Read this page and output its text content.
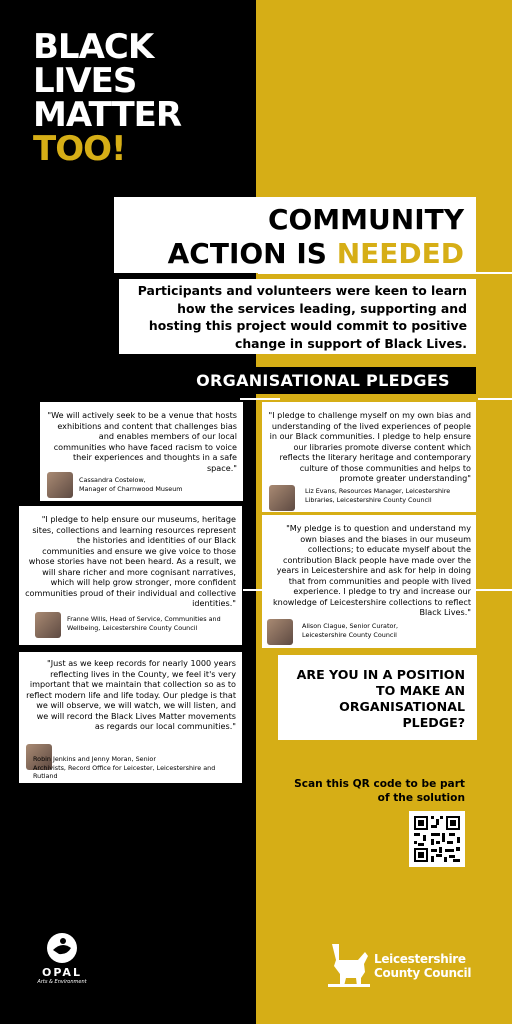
BLACK
LIVES
MATTER
TOO!
COMMUNITY
ACTION IS NEEDED
Participants and volunteers were keen to learn how the services leading, supporting and hosting this project would commit to positive change in support of Black Lives.
ORGANISATIONAL PLEDGES
"We will actively seek to be a venue that hosts exhibitions and content that challenges bias and enables members of our local communities who have faced racism to voice their experiences and thoughts in a safe space."
Cassandra Costelow,
Manager of Charnwood Museum
"I pledge to challenge myself on my own bias and understanding of the lived experiences of people in our Black communities. I pledge to help ensure our libraries promote diverse content which reflects the literary heritage and contemporary culture of those communities and helps to promote greater understanding"
Liz Evans, Resources Manager, Leicestershire
Libraries, Leicestershire County Council
"I pledge to help ensure our museums, heritage sites, collections and learning resources represent the histories and identities of our Black communities and ensure we give voice to those whose stories have not been heard. As a result, we will share richer and more cognisant narratives, which will help grow stronger, more confident communities proud of their individual and collective identities."
Franne Wills, Head of Service, Communities and
Wellbeing, Leicestershire County Council
"My pledge is to question and understand my own biases and the biases in our museum collections; to educate myself about the contribution Black people have made over the years in Leicestershire and ask for help in doing that from communities and people with lived experience. I pledge to try and increase our knowledge of Leicestershire collections to reflect Black Lives."
Alison Clague, Senior Curator,
Leicestershire County Council
"Just as we keep records for nearly 1000 years reflecting lives in the County, we feel it's very important that we maintain that collection so as to reflect modern life and life today. Our pledge is that we will observe, we will watch, we will listen, and we will record the Black Lives Matter movements as regards our local communities."
Robin Jenkins and Jenny Moran, Senior
Archivists, Record Office for Leicester, Leicestershire and Rutland
ARE YOU IN A POSITION TO MAKE AN ORGANISATIONAL PLEDGE?
Scan this QR code to be part of the solution
OPAL
Arts & Environment
Leicestershire
County Council
